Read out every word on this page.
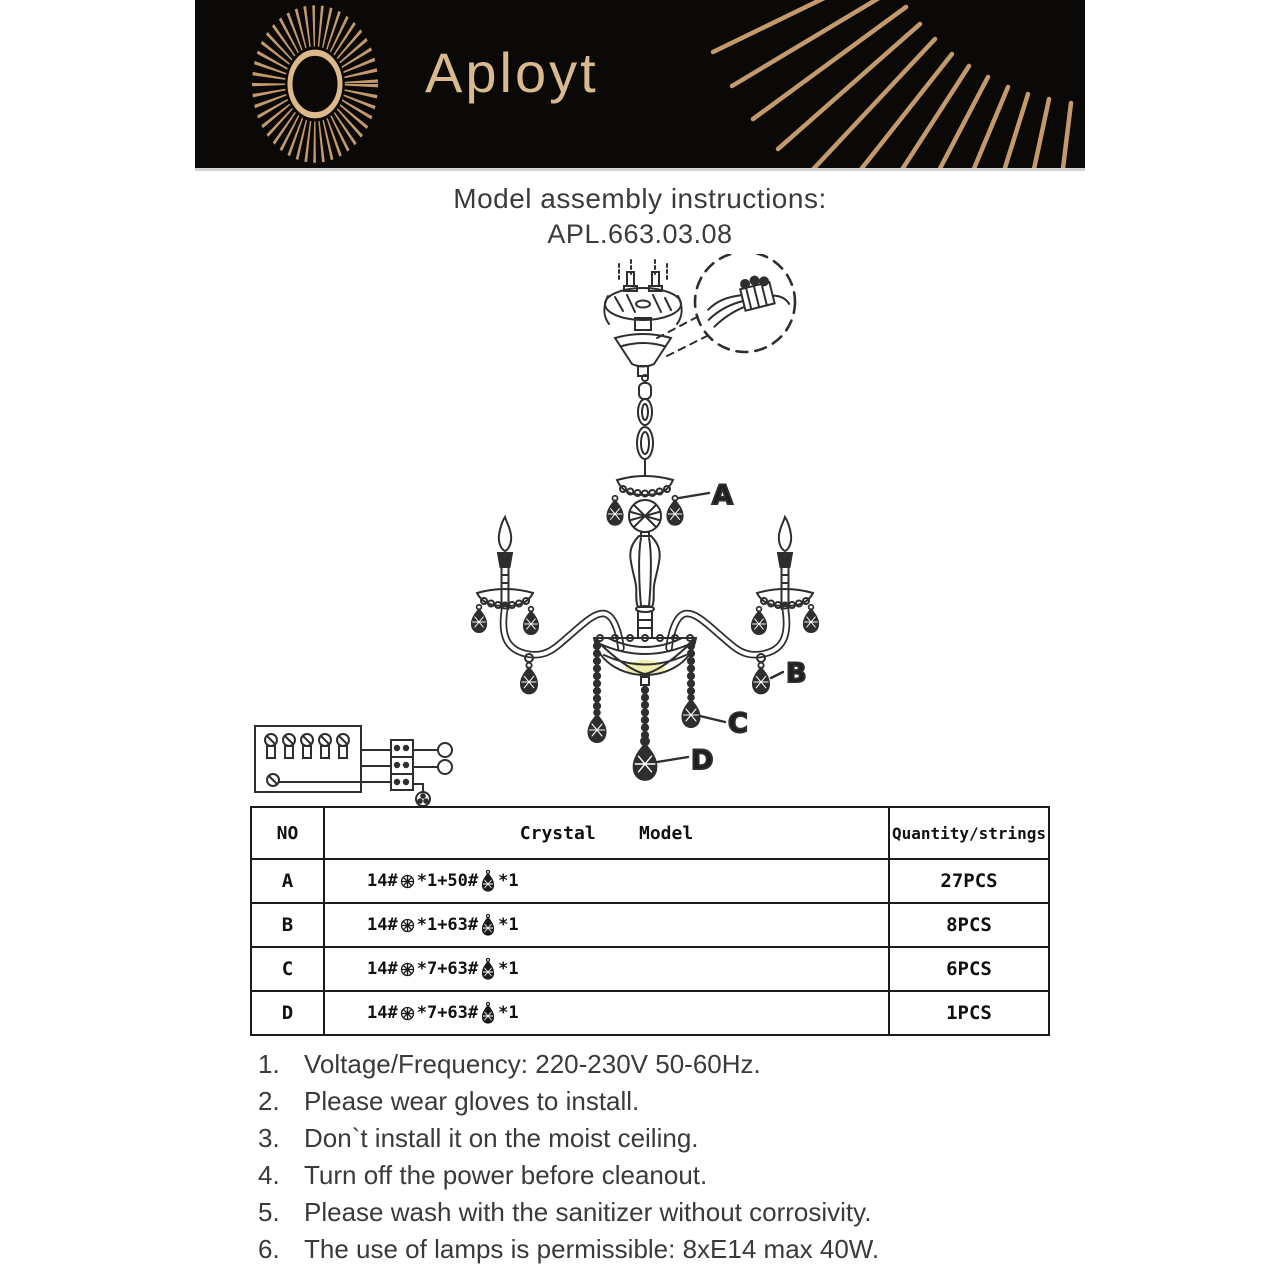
Aployt
Model assembly instructions:
APL.663.03.08
A
B
C
D
NO	Crystal    Model	Quantity/strings
A	14# *1+50# *1	27PCS
B	14# *1+63# *1	8PCS
C	14# *7+63# *1	6PCS
D	14# *7+63# *1	1PCS
1. Voltage/Frequency: 220-230V 50-60Hz.
2. Please wear gloves to install.
3. Don`t install it on the moist ceiling.
4. Turn off the power before cleanout.
5. Please wash with the sanitizer without corrosivity.
6. The use of lamps is permissible: 8xE14 max 40W.
